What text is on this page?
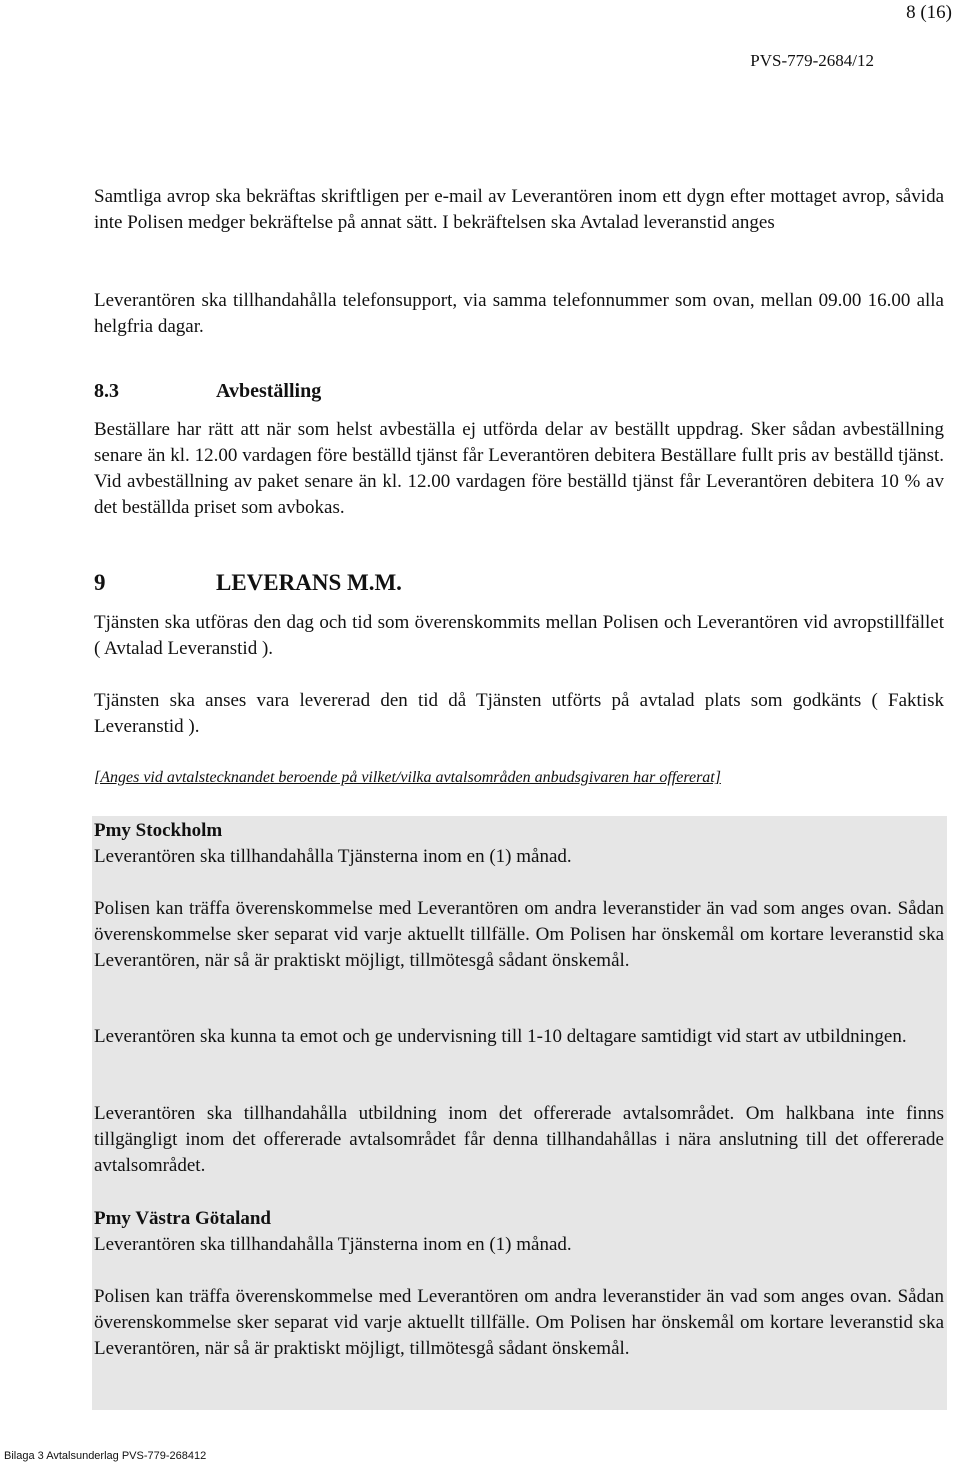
8 (16)
PVS-779-2684/12

Samtliga avrop ska bekräftas skriftligen per e-mail av Leverantören inom ett dygn efter mottaget avrop, såvida inte Polisen medger bekräftelse på annat sätt. I bekräftelsen ska Avtalad leveranstid anges

Leverantören ska tillhandahålla telefonsupport, via samma telefonnummer som ovan, mellan 09.00 16.00 alla helgfria dagar.

8.3	Avbeställing

Beställare har rätt att när som helst avbeställa ej utförda delar av beställt uppdrag. Sker sådan avbeställning senare än kl. 12.00 vardagen före beställd tjänst får Leverantören debitera Beställare fullt pris av beställd tjänst. Vid avbeställning av paket senare än kl. 12.00 vardagen före beställd tjänst får Leverantören debitera 10 % av det beställda priset som avbokas.

9	LEVERANS M.M.

Tjänsten ska utföras den dag och tid som överenskommits mellan Polisen och Leverantören vid avropstillfället ( Avtalad Leveranstid ).

Tjänsten ska anses vara levererad den tid då Tjänsten utförts på avtalad plats som godkänts ( Faktisk Leveranstid ).

[Anges vid avtalstecknandet beroende på vilket/vilka avtalsområden anbudsgivaren har offererat]

Pmy Stockholm

Leverantören ska tillhandahålla Tjänsterna inom en (1) månad.

Polisen kan träffa överenskommelse med Leverantören om andra leveranstider än vad som anges ovan. Sådan överenskommelse sker separat vid varje aktuellt tillfälle. Om Polisen har önskemål om kortare leveranstid ska Leverantören, när så är praktiskt möjligt, tillmötesgå sådant önskemål.

Leverantören ska kunna ta emot och ge undervisning till 1-10 deltagare samtidigt vid start av utbildningen.

Leverantören ska tillhandahålla utbildning inom det offererade avtalsområdet. Om halkbana inte finns tillgängligt inom det offererade avtalsområdet får denna tillhandahållas i nära anslutning till det offererade avtalsområdet.

Pmy Västra Götaland

Leverantören ska tillhandahålla Tjänsterna inom en (1) månad.

Polisen kan träffa överenskommelse med Leverantören om andra leveranstider än vad som anges ovan. Sådan överenskommelse sker separat vid varje aktuellt tillfälle. Om Polisen har önskemål om kortare leveranstid ska Leverantören, när så är praktiskt möjligt, tillmötesgå sådant önskemål.

Bilaga 3 Avtalsunderlag PVS-779-268412
